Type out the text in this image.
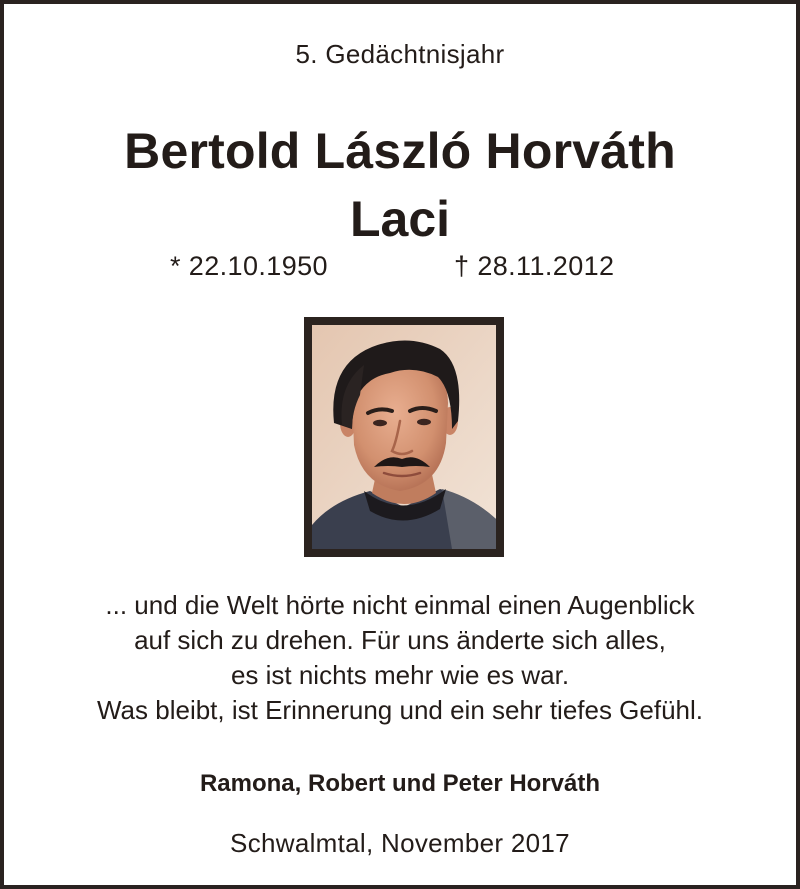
5. Gedächtnisjahr
Bertold László Horváth
Laci
* 22.10.1950	† 28.11.2012
... und die Welt hörte nicht einmal einen Augenblick
auf sich zu drehen. Für uns änderte sich alles,
es ist nichts mehr wie es war.
Was bleibt, ist Erinnerung und ein sehr tiefes Gefühl.
Ramona, Robert und Peter Horváth
Schwalmtal, November 2017
